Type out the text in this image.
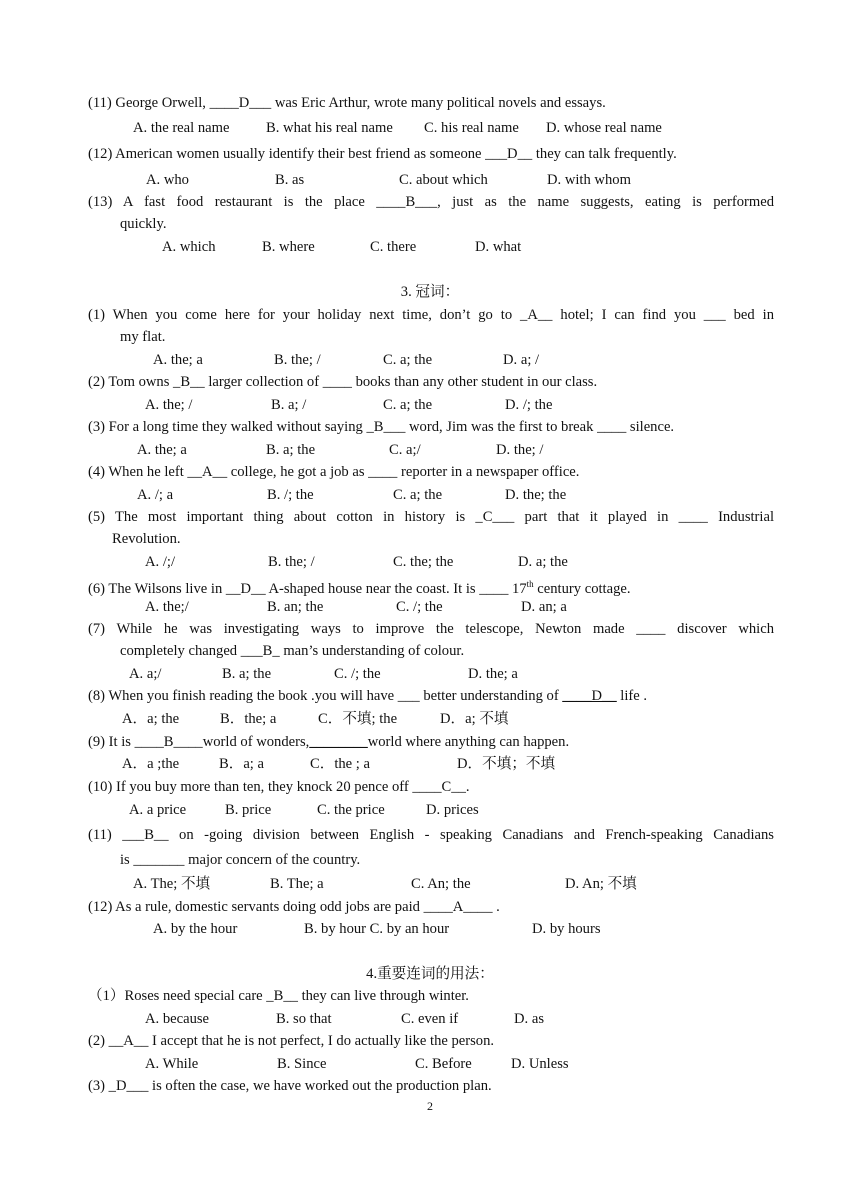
(11) George Orwell, ____D___ was Eric Arthur, wrote many political novels and essays.
A. the real name	B. what his real name C. his real name D. whose real name
(12) American women usually identify their best friend as someone ___D__ they can talk frequently.
A. who	B. as	C. about which	D. with whom
(13) A fast food restaurant is the place ____B___, just as the name suggests, eating is performed
quickly.
A. which	B. where	C. there	D. what
3. 冠词：
(1) When you come here for your holiday next time, don’t go to _A__ hotel; I can find you ___ bed in
my flat.
A. the; a	B. the; /	C. a; the	D. a; /
(2) Tom owns _B__ larger collection of ____ books than any other student in our class.
A. the; /	B. a; /	C. a; the	D. /; the
(3) For a long time they walked without saying _B___ word, Jim was the first to break ____ silence.
A. the; a	B. a; the	C. a;/	D. the; /
(4) When he left __A__ college, he got a job as ____ reporter in a newspaper office.
A. /; a	B. /; the	C. a; the	D. the; the
(5) The most important thing about cotton in history is _C___ part that it played in ____ Industrial
Revolution.
A. /;/	B. the; /	C. the; the	D. a; the
(6) The Wilsons live in __D__ A-shaped house near the coast. It is ____ 17th century cottage.
A. the;/	B. an; the	C. /; the	D. an; a
(7) While he was investigating ways to improve the telescope, Newton made ____ discover which
completely changed ___B_ man’s understanding of colour.
A. a;/	B. a; the	C. /; the	D. the; a
(8) When you finish reading the book .you will have ___ better understanding of ____D__ life .
A．a; the	B．the; a	C．不填; the	D．a; 不填
(9) It is ____B____world of wonders,________world where anything can happen.
A．a ;the	B．a; a	C．the ; a	D．不填；不填
(10) If you buy more than ten, they knock 20 pence off ____C__.
A. a price	B. price	C. the price	D. prices
(11) ___B__ on -going division between English - speaking Canadians and French-speaking Canadians
is _______ major concern of the country.
A. The; 不填	B. The; a	C. An; the	D. An; 不填
(12) As a rule, domestic servants doing odd jobs are paid ____A____ .
A. by the hour	B. by hour C. by an hour	D. by hours
4.重要连词的用法：
（1）Roses need special care _B__ they can live through winter.
A. because	B. so that	C. even if	D. as
(2) __A__ I accept that he is not perfect, I do actually like the person.
A. While	B. Since	C. Before	D. Unless
(3) _D___ is often the case, we have worked out the production plan.
2
